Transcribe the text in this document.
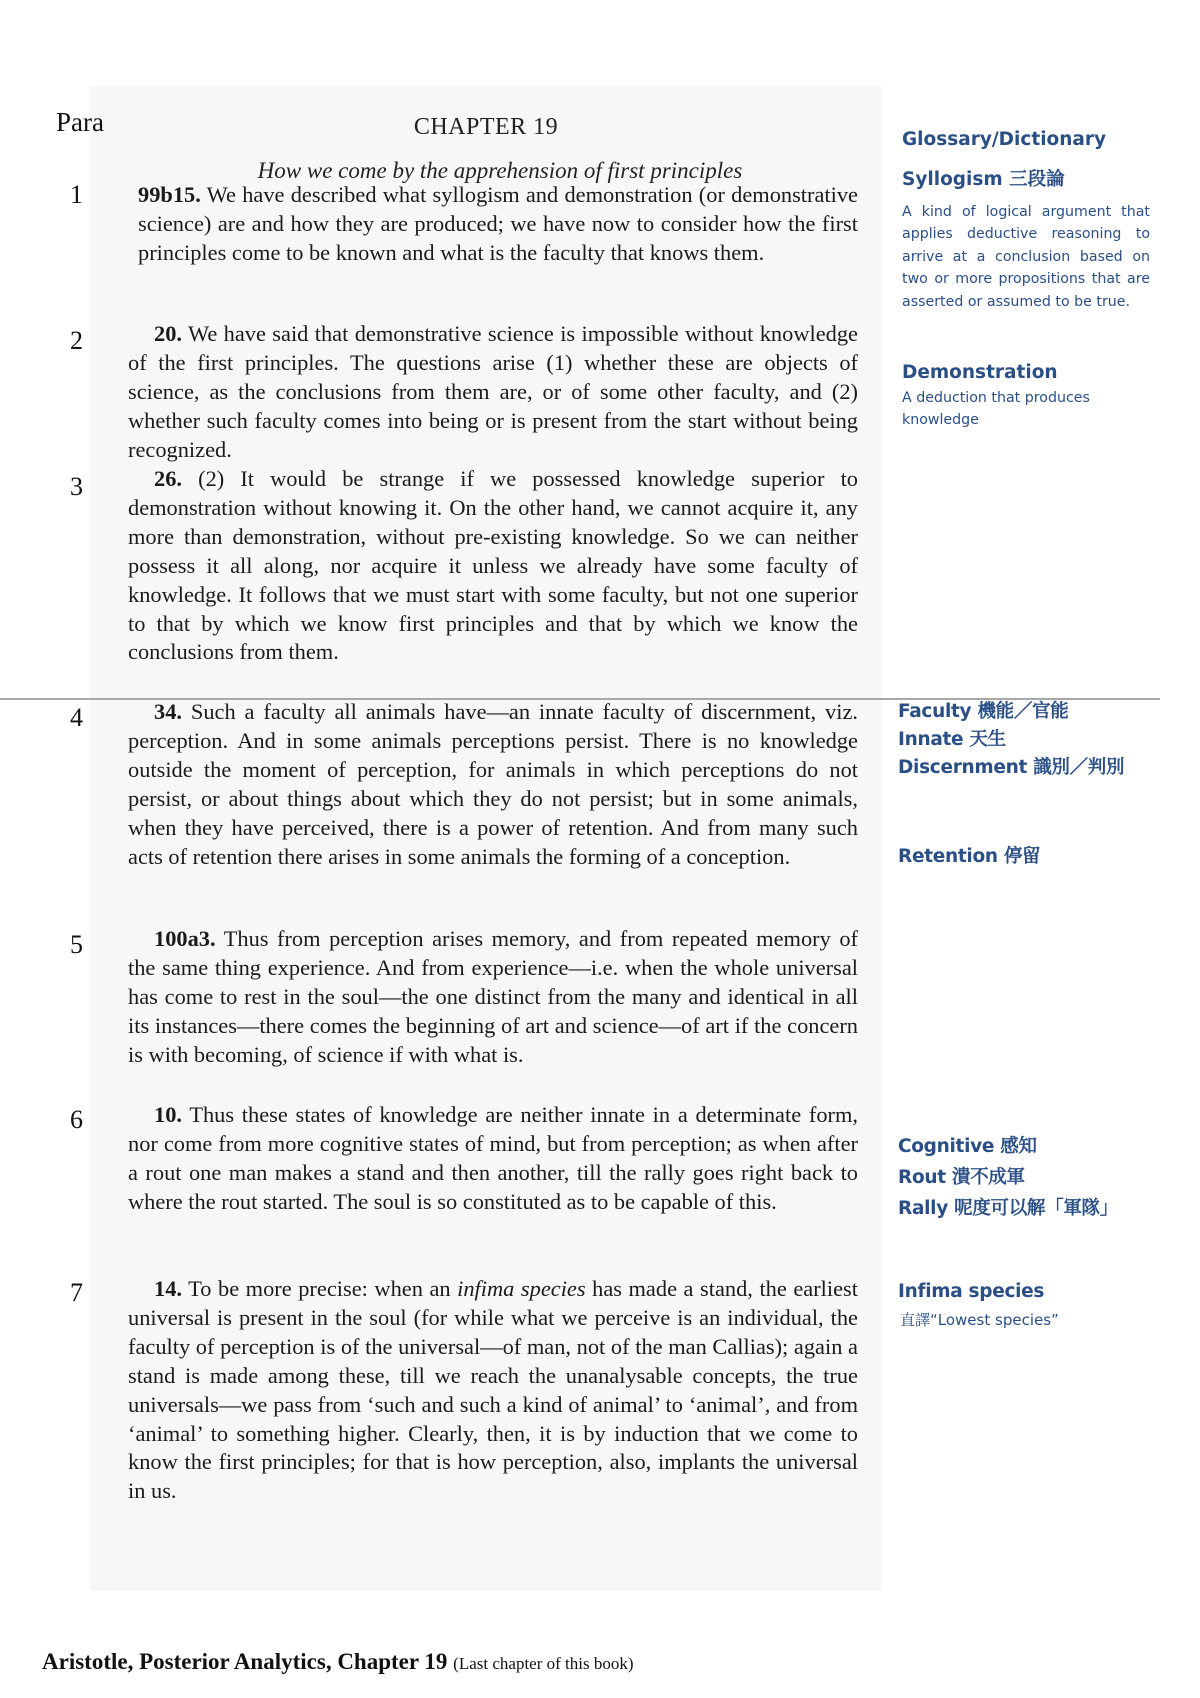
Para	CHAPTER 19
How we come by the apprehension of first principles
1 99b15. We have described what syllogism and demonstration (or demonstrative science) are and how they are produced; we have now to consider how the first principles come to be known and what is the faculty that knows them.

2	20. We have said that demonstrative science is impossible without knowledge of the first principles. The questions arise (1) whether these are objects of science, as the conclusions from them are, or of some other faculty, and (2) whether such faculty comes into being or is present from the start without being recognized.

3	26. (2) It would be strange if we possessed knowledge superior to demonstration without knowing it. On the other hand, we cannot acquire it, any more than demonstration, without pre-existing knowledge. So we can neither possess it all along, nor acquire it unless we already have some faculty of knowledge. It follows that we must start with some faculty, but not one superior to that by which we know first principles and that by which we know the conclusions from them.

4	34. Such a faculty all animals have—an innate faculty of discernment, viz. perception. And in some animals perceptions persist. There is no knowledge outside the moment of perception, for animals in which perceptions do not persist, or about things about which they do not persist; but in some animals, when they have perceived, there is a power of retention. And from many such acts of retention there arises in some animals the forming of a conception.

5	100a3. Thus from perception arises memory, and from repeated memory of the same thing experience. And from experience—i.e. when the whole universal has come to rest in the soul—the one distinct from the many and identical in all its instances—there comes the beginning of art and science—of art if the concern is with becoming, of science if with what is.

6	10. Thus these states of knowledge are neither innate in a determinate form, nor come from more cognitive states of mind, but from perception; as when after a rout one man makes a stand and then another, till the rally goes right back to where the rout started. The soul is so constituted as to be capable of this.

7	14. To be more precise: when an infima species has made a stand, the earliest universal is present in the soul (for while what we perceive is an individual, the faculty of perception is of the universal—of man, not of the man Callias); again a stand is made among these, till we reach the unanalysable concepts, the true universals—we pass from ‘such and such a kind of animal’ to ‘animal’, and from ‘animal’ to something higher. Clearly, then, it is by induction that we come to know the first principles; for that is how perception, also, implants the universal in us.

Glossary/Dictionary
Syllogism 三段論

A kind of logical argument that applies deductive reasoning to arrive at a conclusion based on two or more propositions that are asserted or assumed to be true.

Demonstration

A deduction that produces knowledge

Faculty 機能／官能
Innate 天生
Discernment 識別／判別
Retention 停留
Cognitive 感知
Rout 潰不成軍
Rally 呢度可以解「軍隊」
Infima species

直譯“Lowest species”

Aristotle, Posterior Analytics, Chapter 19 (Last chapter of this book)
